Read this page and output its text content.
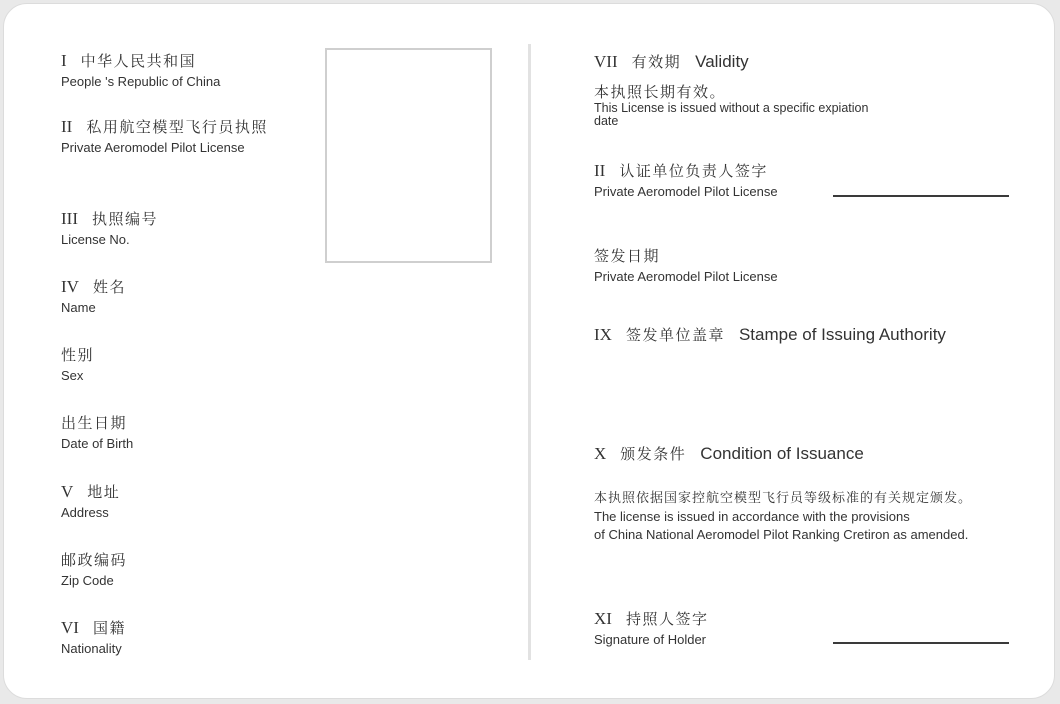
I 中华人民共和国
People 's Republic of China
II 私用航空模型飞行员执照
Private Aeromodel Pilot License
III 执照编号
License No.
IV 姓名
Name
性别
Sex
出生日期
Date of Birth
V 地址
Address
邮政编码
Zip Code
VI 国籍
Nationality
VII 有效期 Validity
本执照长期有效。
This License is issued without a specific expiation
date
II 认证单位负责人签字
Private Aeromodel Pilot License
签发日期
Private Aeromodel Pilot License
IX 签发单位盖章 Stampe of Issuing Authority
X 颁发条件 Condition of Issuance
本执照依据国家控航空模型飞行员等级标准的有关规定颁发。
The license is issued in accordance with the provisions
of China National Aeromodel Pilot Ranking Cretiron as amended.
XI 持照人签字
Signature of Holder
